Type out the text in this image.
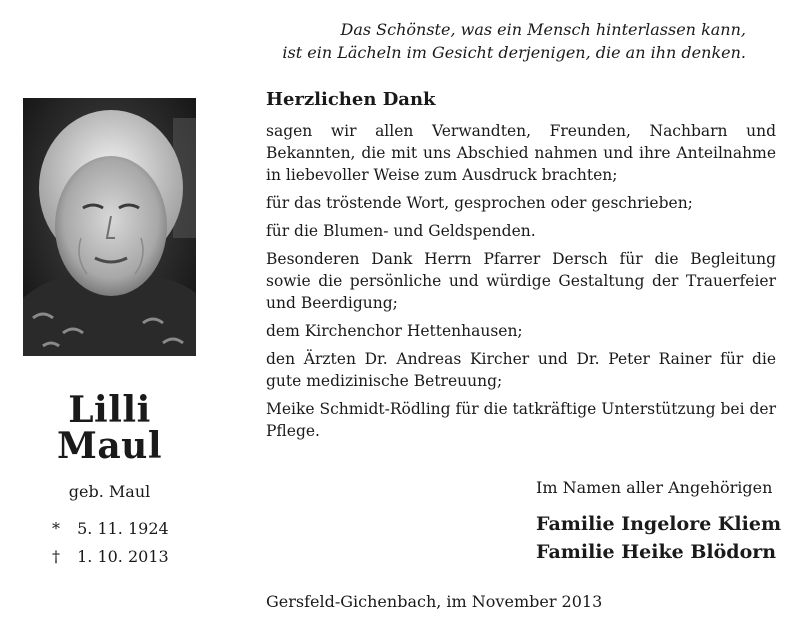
Das Schönste, was ein Mensch hinterlassen kann,
ist ein Lächeln im Gesicht derjenigen, die an ihn denken.
Lilli
Maul
geb. Maul
* 5. 11. 1924
† 1. 10. 2013
Herzlichen Dank

sagen wir allen Verwandten, Freunden, Nachbarn und Bekannten, die mit uns Abschied nahmen und ihre Anteilnahme in liebevoller Weise zum Ausdruck brachten;

für das tröstende Wort, gesprochen oder geschrieben;

für die Blumen- und Geldspenden.

Besonderen Dank Herrn Pfarrer Dersch für die Begleitung sowie die persönliche und würdige Gestaltung der Trauerfeier und Beerdigung;

dem Kirchenchor Hettenhausen;

den Ärzten Dr. Andreas Kircher und Dr. Peter Rainer für die gute medizinische Betreuung;

Meike Schmidt-Rödling für die tatkräftige Unterstützung bei der Pflege.

Im Namen aller Angehörigen
Familie Ingelore Kliem
Familie Heike Blödorn
Gersfeld-Gichenbach, im November 2013
